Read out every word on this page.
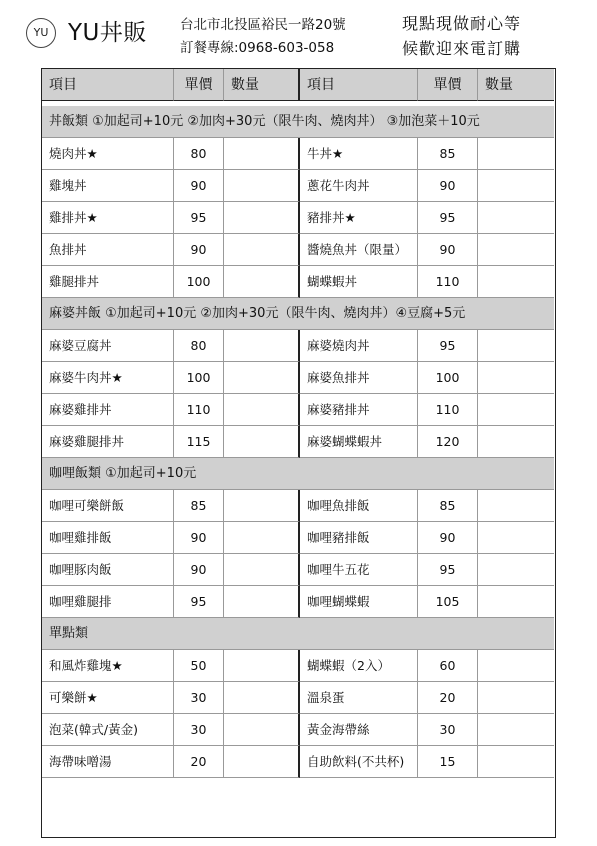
YU YU丼販 台北市北投區裕民一路20號
訂餐專線:0968-603-058
現點現做耐心等
候歡迎來電訂購
項目	單價	數量	項目	單價	數量
丼飯類 ①加起司+10元 ②加肉+30元（限牛肉、燒肉丼） ③加泡菜＋10元
燒肉丼★	80	牛丼★	85
雞塊丼	90	蔥花牛肉丼	90
雞排丼★	95	豬排丼★	95
魚排丼	90	醬燒魚丼（限量）	90
雞腿排丼	100	蝴蝶蝦丼	110
麻婆丼飯 ①加起司+10元 ②加肉+30元（限牛肉、燒肉丼）④豆腐+5元
麻婆豆腐丼	80	麻婆燒肉丼	95
麻婆牛肉丼★	100	麻婆魚排丼	100
麻婆雞排丼	110	麻婆豬排丼	110
麻婆雞腿排丼	115	麻婆蝴蝶蝦丼	120
咖哩飯類 ①加起司+10元
咖哩可樂餅飯	85	咖哩魚排飯	85
咖哩雞排飯	90	咖哩豬排飯	90
咖哩豚肉飯	90	咖哩牛五花	95
咖哩雞腿排	95	咖哩蝴蝶蝦	105
單點類
和風炸雞塊★	50	蝴蝶蝦（2入）	60
可樂餅★	30	溫泉蛋	20
泡菜(韓式/黃金)	30	黃金海帶絲	30
海帶味噌湯	20	自助飲料(不共杯)	15
